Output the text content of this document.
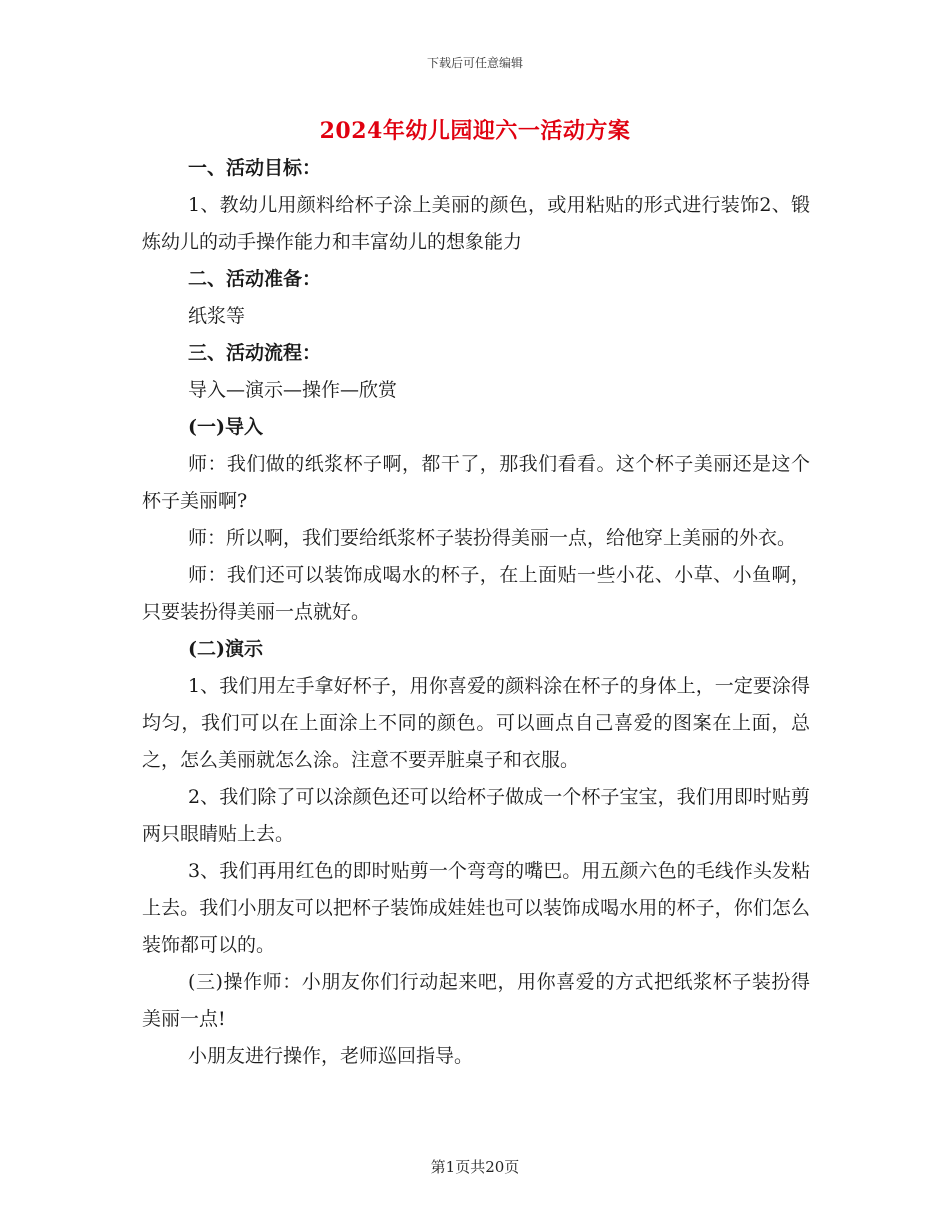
下载后可任意编辑
2024年幼儿园迎六一活动方案

一、活动目标：

1、教幼儿用颜料给杯子涂上美丽的颜色，或用粘贴的形式进行装饰2、锻炼幼儿的动手操作能力和丰富幼儿的想象能力

二、活动准备：

纸浆等

三、活动流程：

导入—演示—操作—欣赏

(一)导入

师：我们做的纸浆杯子啊，都干了，那我们看看。这个杯子美丽还是这个杯子美丽啊?

师：所以啊，我们要给纸浆杯子装扮得美丽一点，给他穿上美丽的外衣。

师：我们还可以装饰成喝水的杯子，在上面贴一些小花、小草、小鱼啊，只要装扮得美丽一点就好。

(二)演示

1、我们用左手拿好杯子，用你喜爱的颜料涂在杯子的身体上，一定要涂得均匀，我们可以在上面涂上不同的颜色。可以画点自己喜爱的图案在上面，总之，怎么美丽就怎么涂。注意不要弄脏桌子和衣服。

2、我们除了可以涂颜色还可以给杯子做成一个杯子宝宝，我们用即时贴剪两只眼睛贴上去。

3、我们再用红色的即时贴剪一个弯弯的嘴巴。用五颜六色的毛线作头发粘上去。我们小朋友可以把杯子装饰成娃娃也可以装饰成喝水用的杯子，你们怎么装饰都可以的。

(三)操作师：小朋友你们行动起来吧，用你喜爱的方式把纸浆杯子装扮得美丽一点!

小朋友进行操作，老师巡回指导。

第1页共20页
